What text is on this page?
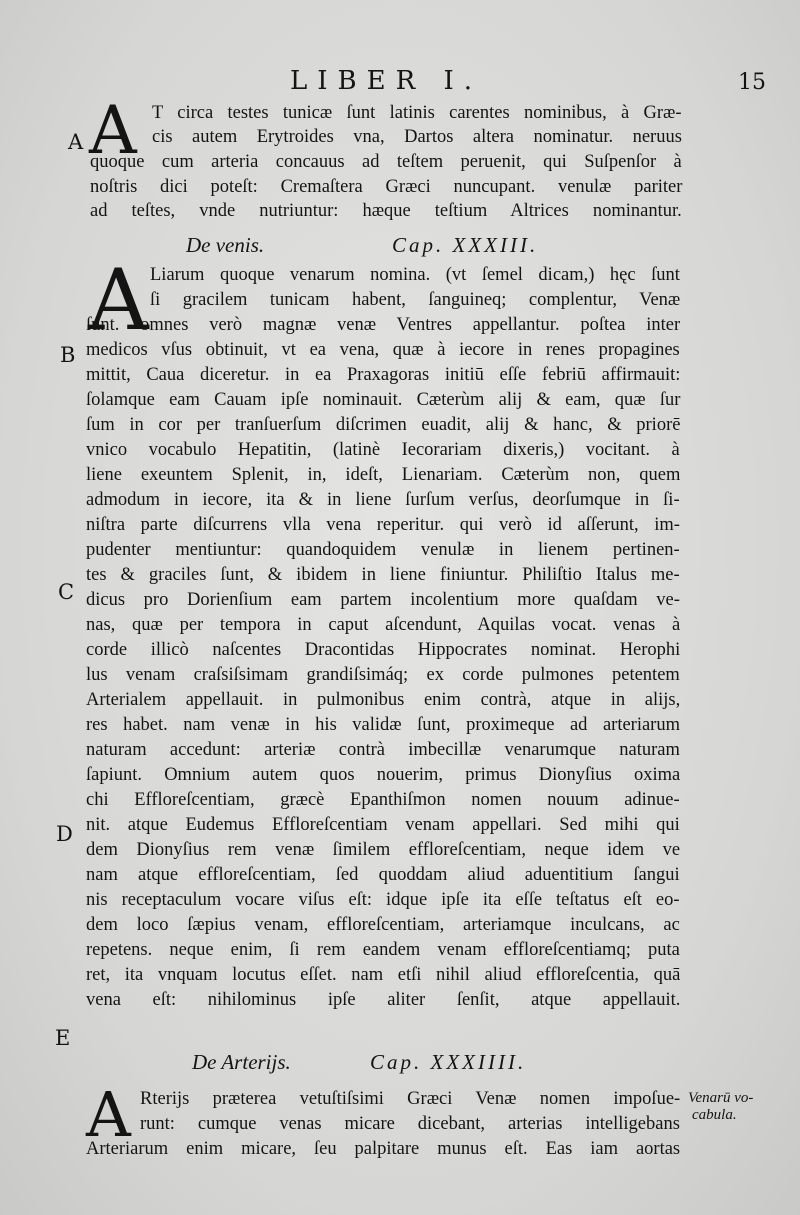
LIBER I.	15
A
B
C
D
E
A T circa testes tunicæ ſunt latinis carentes nominibus, à Græ-
cis autem Erytroides vna, Dartos altera nominatur. neruus
quoque cum arteria concauus ad teſtem peruenit, qui Suſpenſor à
noſtris dici poteſt: Cremaſtera Græci nuncupant. venulæ pariter
ad teſtes, vnde nutriuntur: hæque teſtium Altrices nominantur.
De venis.	Cap. XXXIII.
A Liarum quoque venarum nomina. (vt ſemel dicam,) hęc ſunt
ſi gracilem tunicam habent, ſanguineq; complentur, Venæ
ſunt. omnes verò magnæ venæ Ventres appellantur. poſtea inter
medicos vſus obtinuit, vt ea vena, quæ à iecore in renes propagines
mittit, Caua diceretur. in ea Praxagoras initiū eſſe febriū affirmauit:
ſolamque eam Cauam ipſe nominauit. Cæterùm alij & eam, quæ ſur
ſum in cor per tranſuerſum diſcrimen euadit, alij & hanc, & priorē
vnico vocabulo Hepatitin, (latinè Iecorariam dixeris,) vocitant. à
liene exeuntem Splenit, in, ideſt, Lienariam. Cæterùm non, quem
admodum in iecore, ita & in liene ſurſum verſus, deorſumque in ſi-
niſtra parte diſcurrens vlla vena reperitur. qui verò id aſſerunt, im-
pudenter mentiuntur: quandoquidem venulæ in lienem pertinen-
tes & graciles ſunt, & ibidem in liene finiuntur. Philiſtio Italus me-
dicus pro Dorienſium eam partem incolentium more quaſdam ve-
nas, quæ per tempora in caput aſcendunt, Aquilas vocat. venas à
corde illicò naſcentes Dracontidas Hippocrates nominat. Herophi
lus venam craſsiſsimam grandiſsimáq; ex corde pulmones petentem
Arterialem appellauit. in pulmonibus enim contrà, atque in alijs,
res habet. nam venæ in his validæ ſunt, proximeque ad arteriarum
naturam accedunt: arteriæ contrà imbecillæ venarumque naturam
ſapiunt. Omnium autem quos nouerim, primus Dionyſius oxima
chi Effloreſcentiam, græcè Epanthiſmon nomen nouum adinue-
nit. atque Eudemus Effloreſcentiam venam appellari. Sed mihi qui
dem Dionyſius rem venæ ſimilem effloreſcentiam, neque idem ve
nam atque effloreſcentiam, ſed quoddam aliud aduentitium ſangui
nis receptaculum vocare viſus eſt: idque ipſe ita eſſe teſtatus eſt eo-
dem loco ſæpius venam, effloreſcentiam, arteriamque inculcans, ac
repetens. neque enim, ſi rem eandem venam effloreſcentiamq; puta
ret, ita vnquam locutus eſſet. nam etſi nihil aliud effloreſcentia, quā
vena eſt: nihilominus ipſe aliter ſenſit, atque appellauit.
De Arterijs.	Cap. XXXIIII.
A Rterijs præterea vetuſtiſsimi Græci Venæ nomen impoſue-
runt: cumque venas micare dicebant, arterias intelligebans
Arteriarum enim micare, ſeu palpitare munus eſt. Eas iam aortas
Venarū vo-
cabula.
